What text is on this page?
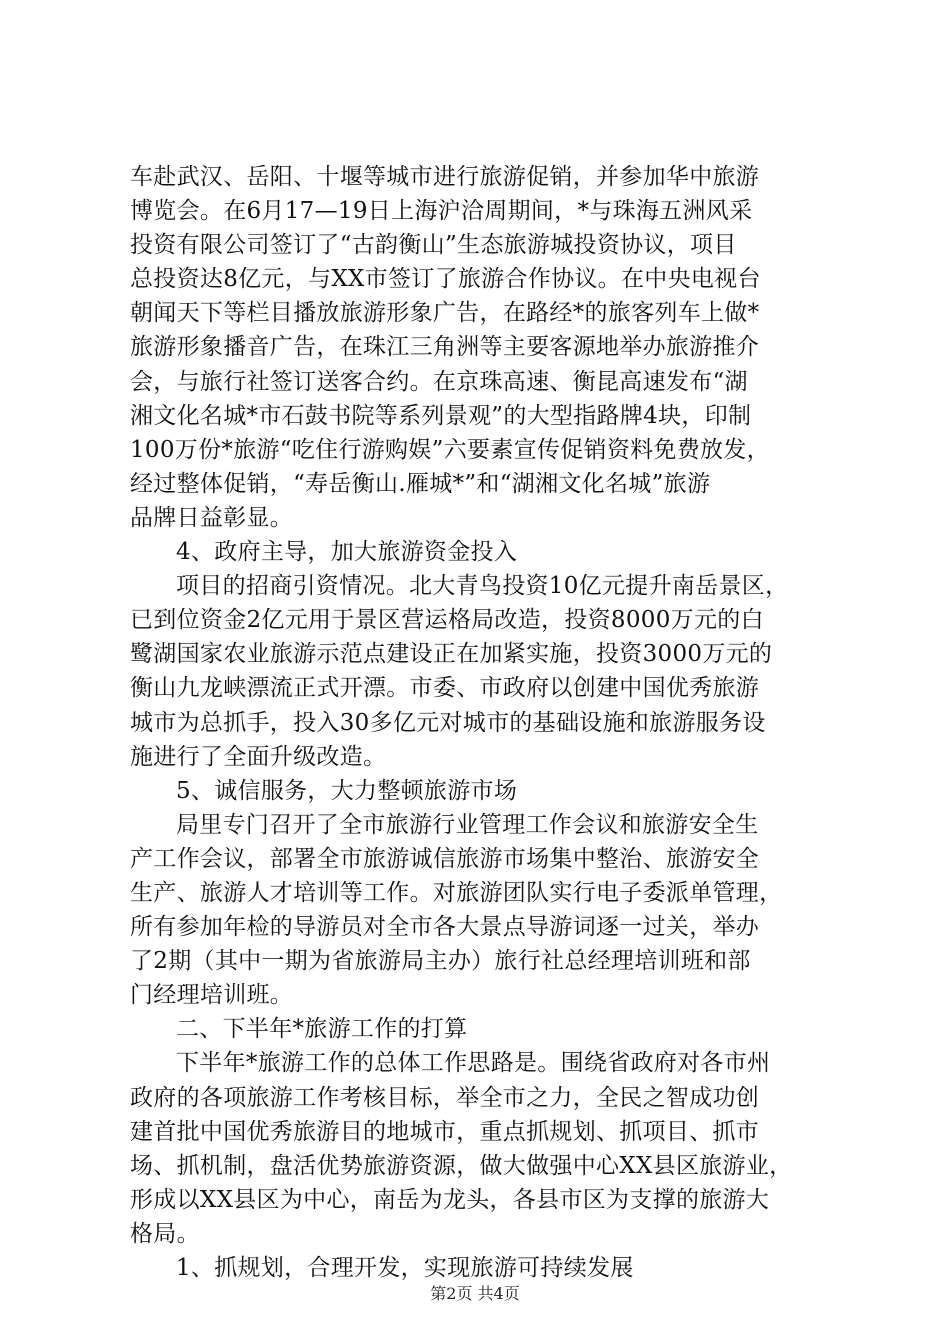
车赴武汉、岳阳、十堰等城市进行旅游促销，并参加华中旅游
博览会。在6月17—19日上海沪洽周期间，*与珠海五洲风采
投资有限公司签订了“古韵衡山”生态旅游城投资协议，项目
总投资达8亿元，与XX市签订了旅游合作协议。在中央电视台
朝闻天下等栏目播放旅游形象广告，在路经*的旅客列车上做*
旅游形象播音广告，在珠江三角洲等主要客源地举办旅游推介
会，与旅行社签订送客合约。在京珠高速、衡昆高速发布“湖
湘文化名城*市石鼓书院等系列景观”的大型指路牌4块，印制
100万份*旅游“吃住行游购娱”六要素宣传促销资料免费放发，
经过整体促销，“寿岳衡山.雁城*”和“湖湘文化名城”旅游
品牌日益彰显。
4、政府主导，加大旅游资金投入
项目的招商引资情况。北大青鸟投资10亿元提升南岳景区，
已到位资金2亿元用于景区营运格局改造，投资8000万元的白
鹭湖国家农业旅游示范点建设正在加紧实施，投资3000万元的
衡山九龙峡漂流正式开漂。市委、市政府以创建中国优秀旅游
城市为总抓手，投入30多亿元对城市的基础设施和旅游服务设
施进行了全面升级改造。
5、诚信服务，大力整顿旅游市场
局里专门召开了全市旅游行业管理工作会议和旅游安全生
产工作会议，部署全市旅游诚信旅游市场集中整治、旅游安全
生产、旅游人才培训等工作。对旅游团队实行电子委派单管理，
所有参加年检的导游员对全市各大景点导游词逐一过关，举办
了2期（其中一期为省旅游局主办）旅行社总经理培训班和部
门经理培训班。
二、下半年*旅游工作的打算
下半年*旅游工作的总体工作思路是。围绕省政府对各市州
政府的各项旅游工作考核目标，举全市之力，全民之智成功创
建首批中国优秀旅游目的地城市，重点抓规划、抓项目、抓市
场、抓机制，盘活优势旅游资源，做大做强中心XX县区旅游业，
形成以XX县区为中心，南岳为龙头，各县市区为支撑的旅游大
格局。
1、抓规划，合理开发，实现旅游可持续发展
第2页 共4页
